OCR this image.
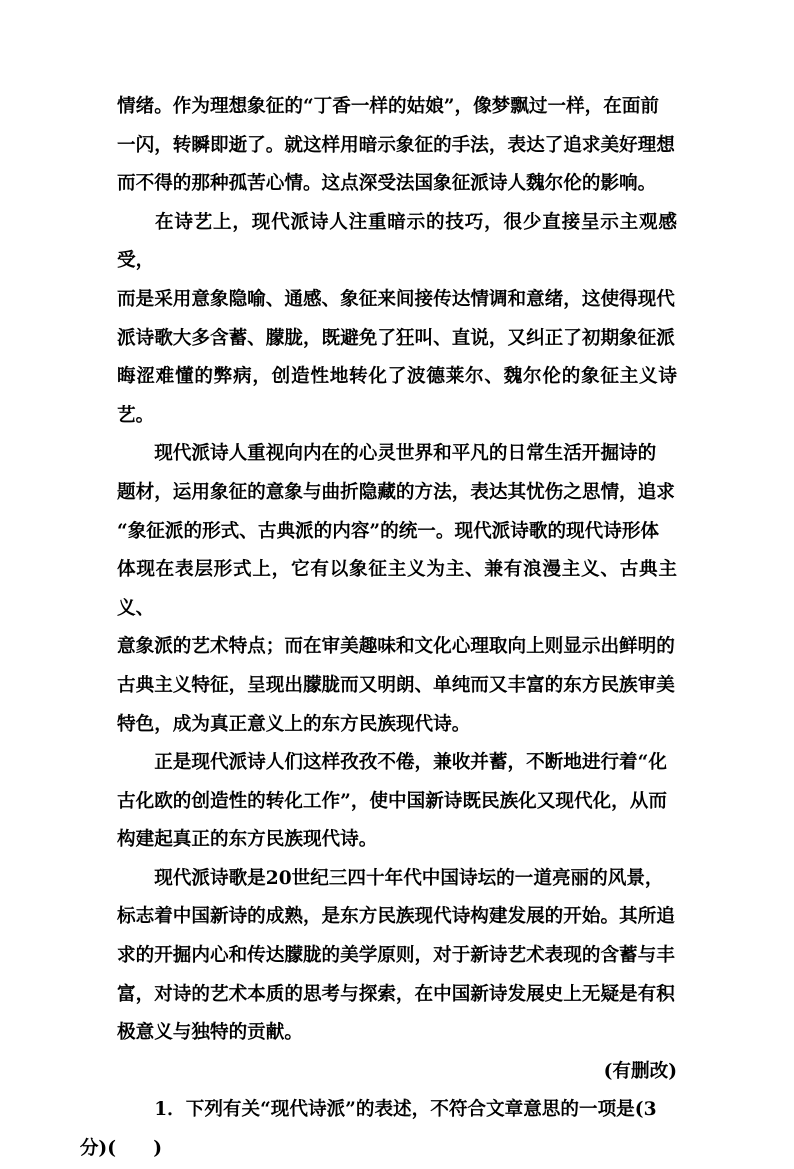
情绪。作为理想象征的“丁香一样的姑娘”，像梦飘过一样，在面前
一闪，转瞬即逝了。就这样用暗示象征的手法，表达了追求美好理想
而不得的那种孤苦心情。这点深受法国象征派诗人魏尔伦的影响。
在诗艺上，现代派诗人注重暗示的技巧，很少直接呈示主观感受，
而是采用意象隐喻、通感、象征来间接传达情调和意绪，这使得现代
派诗歌大多含蓄、朦胧，既避免了狂叫、直说，又纠正了初期象征派
晦涩难懂的弊病，创造性地转化了波德莱尔、魏尔伦的象征主义诗艺。
现代派诗人重视向内在的心灵世界和平凡的日常生活开掘诗的
题材，运用象征的意象与曲折隐藏的方法，表达其忧伤之思情，追求
“象征派的形式、古典派的内容”的统一。现代派诗歌的现代诗形体
体现在表层形式上，它有以象征主义为主、兼有浪漫主义、古典主义、
意象派的艺术特点；而在审美趣味和文化心理取向上则显示出鲜明的
古典主义特征，呈现出朦胧而又明朗、单纯而又丰富的东方民族审美
特色，成为真正意义上的东方民族现代诗。
正是现代派诗人们这样孜孜不倦，兼收并蓄，不断地进行着“化
古化欧的创造性的转化工作”，使中国新诗既民族化又现代化，从而
构建起真正的东方民族现代诗。
现代派诗歌是20世纪三四十年代中国诗坛的一道亮丽的风景，
标志着中国新诗的成熟，是东方民族现代诗构建发展的开始。其所追
求的开掘内心和传达朦胧的美学原则，对于新诗艺术表现的含蓄与丰
富，对诗的艺术本质的思考与探索，在中国新诗发展史上无疑是有积
极意义与独特的贡献。
(有删改)
1．下列有关“现代诗派”的表述，不符合文章意思的一项是(3
分)(　　)
